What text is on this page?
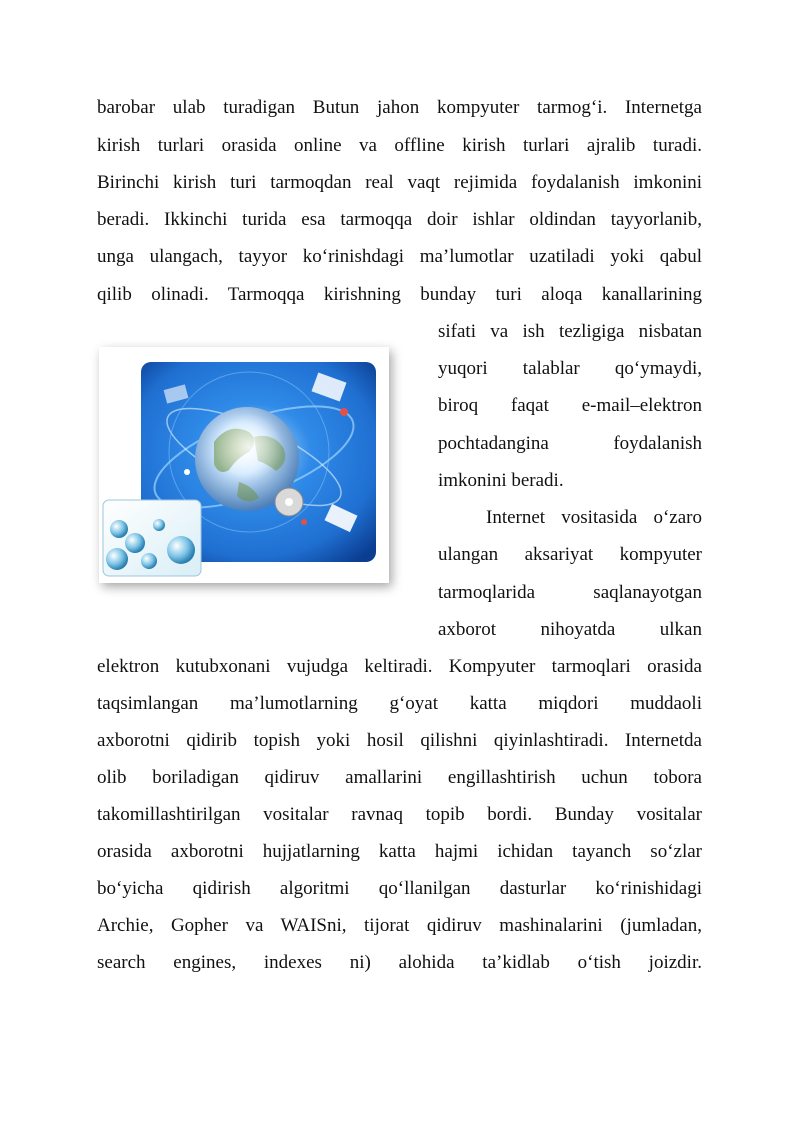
barobar ulab turadigan Butun jahon kompyuter tarmog‘i. Internetga
kirish turlari orasida online va offline kirish turlari ajralib turadi.
Birinchi kirish turi tarmoqdan real vaqt rejimida foydalanish imkonini
beradi. Ikkinchi turida esa tarmoqqa doir ishlar oldindan tayyorlanib,
unga ulangach, tayyor ko‘rinishdagi ma’lumotlar uzatiladi yoki qabul
qilib olinadi. Tarmoqqa kirishning bunday turi aloqa kanallarining
sifati va ish tezligiga nisbatan
yuqori talablar qo‘ymaydi,
biroq faqat e-mail–elektron
pochtadangina foydalanish
imkonini beradi.
Internet vositasida o‘zaro
ulangan aksariyat kompyuter
tarmoqlarida saqlanayotgan
axborot nihoyatda ulkan
elektron kutubxonani vujudga keltiradi. Kompyuter tarmoqlari orasida
taqsimlangan ma’lumotlarning g‘oyat katta miqdori muddaoli
axborotni qidirib topish yoki hosil qilishni qiyinlashtiradi. Internetda
olib boriladigan qidiruv amallarini engillashtirish uchun tobora
takomillashtirilgan vositalar ravnaq topib bordi. Bunday vositalar
orasida axborotni hujjatlarning katta hajmi ichidan tayanch so‘zlar
bo‘yicha qidirish algoritmi qo‘llanilgan dasturlar ko‘rinishidagi
Archie, Gopher va WAISni, tijorat qidiruv mashinalarini (jumladan,
search engines, indexes ni) alohida ta’kidlab o‘tish joizdir.
